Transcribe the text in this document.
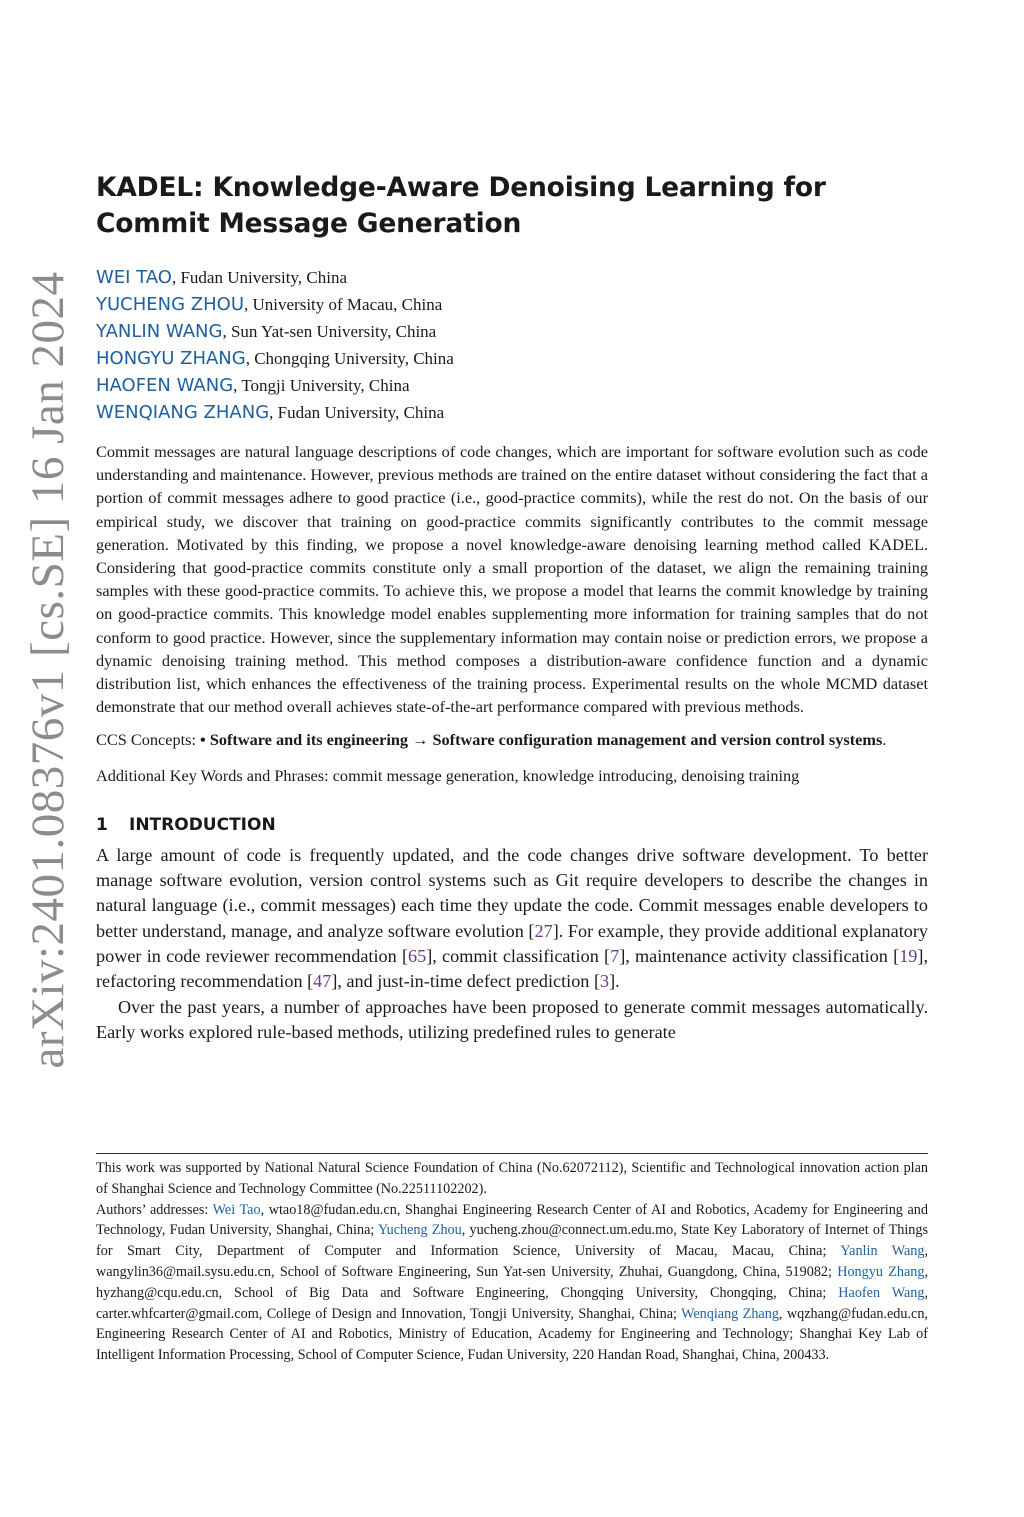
arXiv:2401.08376v1 [cs.SE] 16 Jan 2024
KADEL: Knowledge-Aware Denoising Learning for Commit Message Generation
WEI TAO, Fudan University, China
YUCHENG ZHOU, University of Macau, China
YANLIN WANG, Sun Yat-sen University, China
HONGYU ZHANG, Chongqing University, China
HAOFEN WANG, Tongji University, China
WENQIANG ZHANG, Fudan University, China
Commit messages are natural language descriptions of code changes, which are important for software evolution such as code understanding and maintenance. However, previous methods are trained on the entire dataset without considering the fact that a portion of commit messages adhere to good practice (i.e., good-practice commits), while the rest do not. On the basis of our empirical study, we discover that training on good-practice commits significantly contributes to the commit message generation. Motivated by this finding, we propose a novel knowledge-aware denoising learning method called KADEL. Considering that good-practice commits constitute only a small proportion of the dataset, we align the remaining training samples with these good-practice commits. To achieve this, we propose a model that learns the commit knowledge by training on good-practice commits. This knowledge model enables supplementing more information for training samples that do not conform to good practice. However, since the supplementary information may contain noise or prediction errors, we propose a dynamic denoising training method. This method composes a distribution-aware confidence function and a dynamic distribution list, which enhances the effectiveness of the training process. Experimental results on the whole MCMD dataset demonstrate that our method overall achieves state-of-the-art performance compared with previous methods.
CCS Concepts: • Software and its engineering → Software configuration management and version control systems.
Additional Key Words and Phrases: commit message generation, knowledge introducing, denoising training
1 INTRODUCTION

A large amount of code is frequently updated, and the code changes drive software development. To better manage software evolution, version control systems such as Git require developers to describe the changes in natural language (i.e., commit messages) each time they update the code. Commit messages enable developers to better understand, manage, and analyze software evolution [27]. For example, they provide additional explanatory power in code reviewer recommendation [65], commit classification [7], maintenance activity classification [19], refactoring recommendation [47], and just-in-time defect prediction [3].

Over the past years, a number of approaches have been proposed to generate commit messages automatically. Early works explored rule-based methods, utilizing predefined rules to generate

This work was supported by National Natural Science Foundation of China (No.62072112), Scientific and Technological innovation action plan of Shanghai Science and Technology Committee (No.22511102202).

Authors’ addresses: Wei Tao, wtao18@fudan.edu.cn, Shanghai Engineering Research Center of AI and Robotics, Academy for Engineering and Technology, Fudan University, Shanghai, China; Yucheng Zhou, yucheng.zhou@connect.um.edu.mo, State Key Laboratory of Internet of Things for Smart City, Department of Computer and Information Science, University of Macau, Macau, China; Yanlin Wang, wangylin36@mail.sysu.edu.cn, School of Software Engineering, Sun Yat-sen University, Zhuhai, Guangdong, China, 519082; Hongyu Zhang, hyzhang@cqu.edu.cn, School of Big Data and Software Engineering, Chongqing University, Chongqing, China; Haofen Wang, carter.whfcarter@gmail.com, College of Design and Innovation, Tongji University, Shanghai, China; Wenqiang Zhang, wqzhang@fudan.edu.cn, Engineering Research Center of AI and Robotics, Ministry of Education, Academy for Engineering and Technology; Shanghai Key Lab of Intelligent Information Processing, School of Computer Science, Fudan University, 220 Handan Road, Shanghai, China, 200433.
